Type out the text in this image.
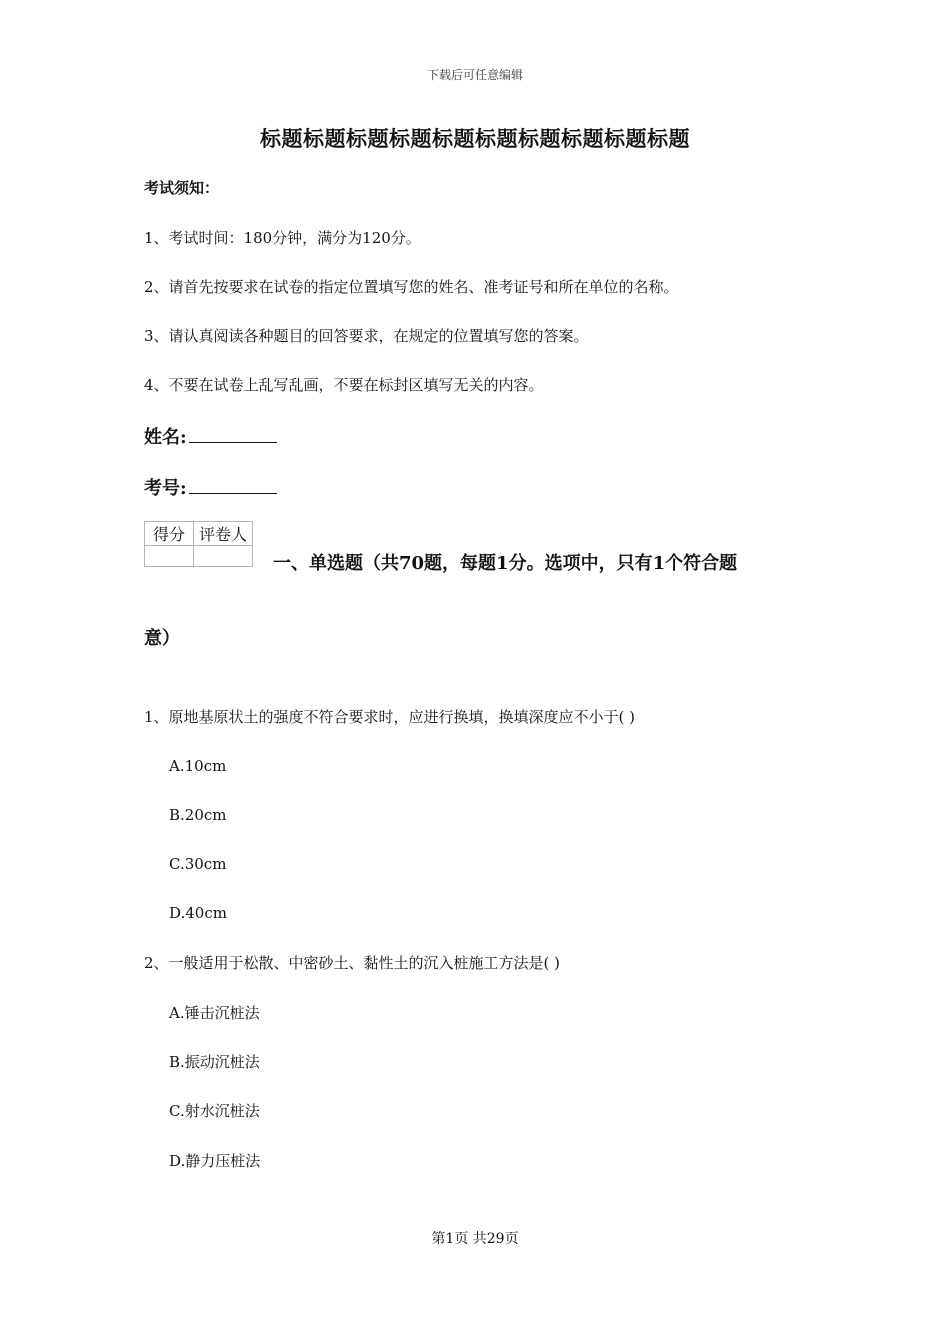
下载后可任意编辑
标题标题标题标题标题标题标题标题标题标题
考试须知：
1、考试时间：180分钟，满分为120分。
2、请首先按要求在试卷的指定位置填写您的姓名、准考证号和所在单位的名称。
3、请认真阅读各种题目的回答要求，在规定的位置填写您的答案。
4、不要在试卷上乱写乱画，不要在标封区填写无关的内容。
姓名:
考号:
得分	评卷人

一、单选题（共70题，每题1分。选项中，只有1个符合题
意）
1、原地基原状土的强度不符合要求时，应进行换填，换填深度应不小于( )
A.10cm
B.20cm
C.30cm
D.40cm
2、一般适用于松散、中密砂土、黏性土的沉入桩施工方法是( )
A.锤击沉桩法
B.振动沉桩法
C.射水沉桩法
D.静力压桩法
第1页 共29页
